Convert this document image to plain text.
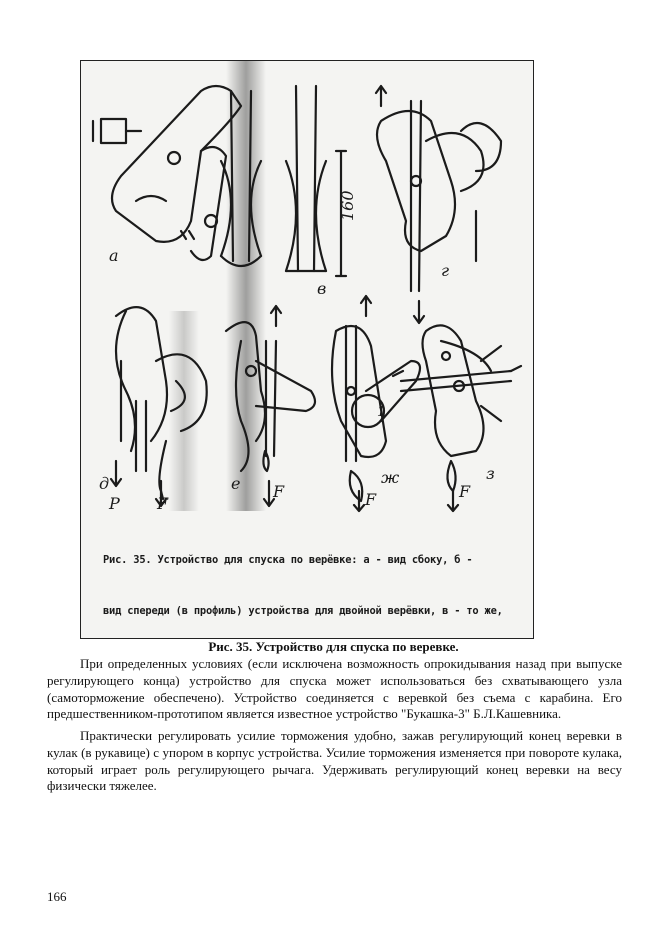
а
в
г
д	е	ж	з
160
P F
F	F	F
1

Рис. 35. Устройство для спуска по верёвке: а - вид сбоку, б -

вид спереди (в профиль) устройства для двойной верёвки, в - то же,

Рис. 35. Устройство для спуска по веревке.

При определенных условиях (если исключена возможность опрокидывания назад при выпуске регулирующего конца) устройство для спуска может использоваться без схватывающего узла (самоторможение обеспечено). Устройство соединяется с веревкой без съема с карабина. Его предшественником-прототипом является известное устройство "Букашка-3" Б.Л.Кашевника.

Практически регулировать усилие торможения удобно, зажав регулирующий конец веревки в кулак (в рукавице) с упором в корпус устройства. Усилие торможения изменяется при повороте кулака, который играет роль регулирующего рычага. Удерживать регулирующий конец веревки на весу физически тяжелее.

166
